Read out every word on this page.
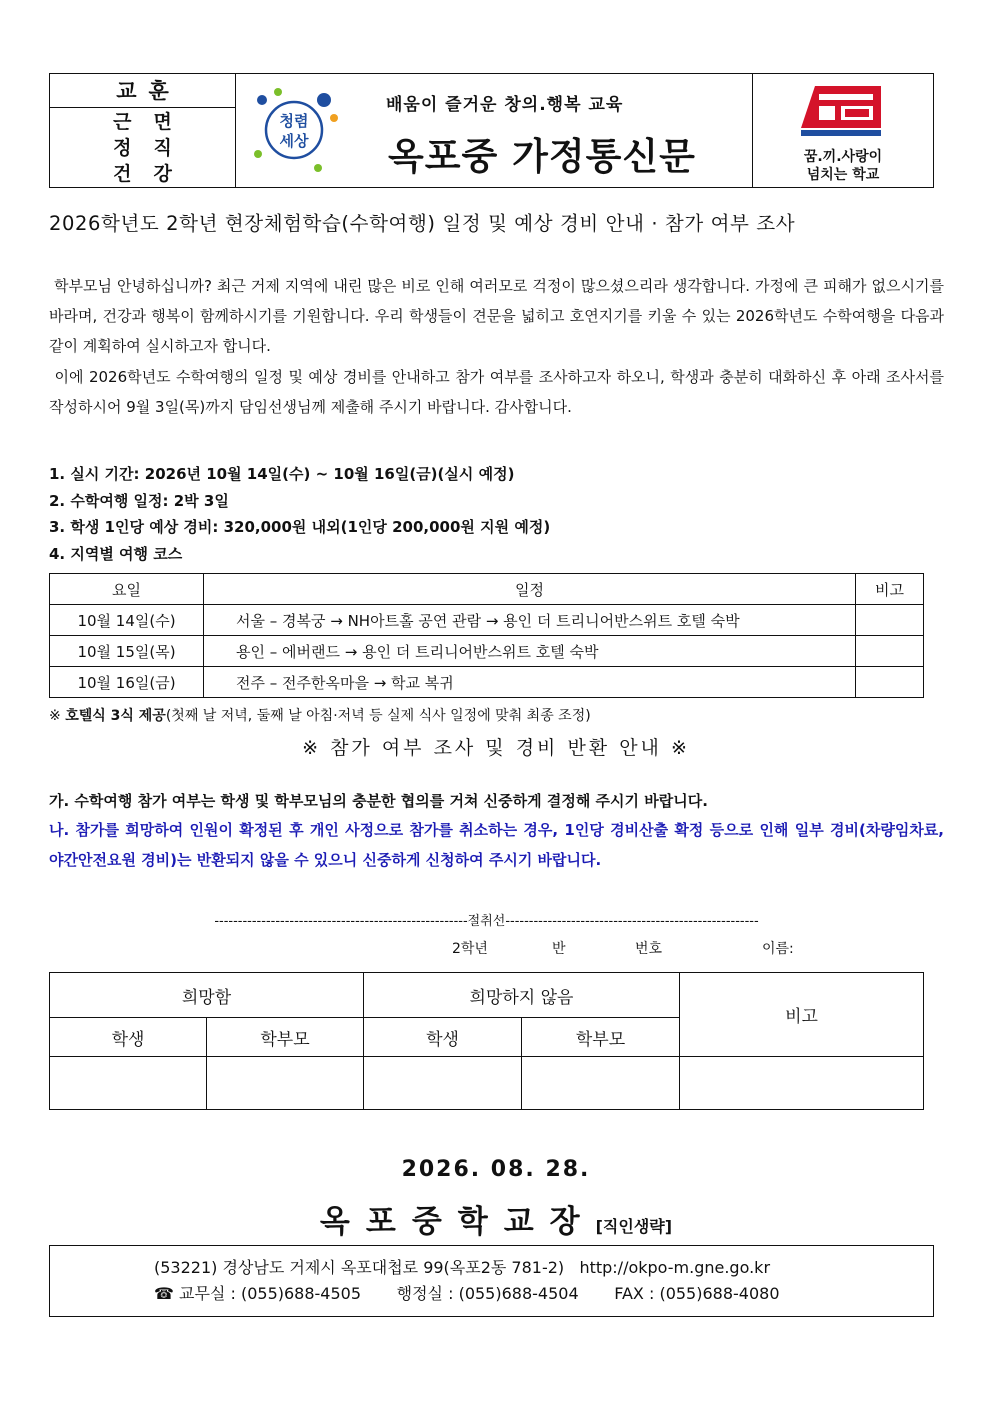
교훈
근면
정직
건강
청렴
세상
배움이 즐거운 창의.행복 교육
옥포중 가정통신문	꿈.끼.사랑이
넘치는 학교
2026학년도 2학년 현장체험학습(수학여행) 일정 및 예상 경비 안내 · 참가 여부 조사

학부모님 안녕하십니까? 최근 거제 지역에 내린 많은 비로 인해 여러모로 걱정이 많으셨으리라 생각합니다. 가정에 큰 피해가 없으시기를 바라며, 건강과 행복이 함께하시기를 기원합니다. 우리 학생들이 견문을 넓히고 호연지기를 키울 수 있는 2026학년도 수학여행을 다음과 같이 계획하여 실시하고자 합니다.

이에 2026학년도 수학여행의 일정 및 예상 경비를 안내하고 참가 여부를 조사하고자 하오니, 학생과 충분히 대화하신 후 아래 조사서를 작성하시어 9월 3일(목)까지 담임선생님께 제출해 주시기 바랍니다. 감사합니다.

1. 실시 기간: 2026년 10월 14일(수) ~ 10월 16일(금)(실시 예정)
2. 수학여행 일정: 2박 3일
3. 학생 1인당 예상 경비: 320,000원 내외(1인당 200,000원 지원 예정)
4. 지역별 여행 코스
요일	일정	비고
10월 14일(수)	서울 – 경복궁 → NH아트홀 공연 관람 → 용인 더 트리니어반스위트 호텔 숙박	
10월 15일(목)	용인 – 에버랜드 → 용인 더 트리니어반스위트 호텔 숙박	
10월 16일(금)	전주 – 전주한옥마을 → 학교 복귀	
※ 호텔식 3식 제공(첫째 날 저녁, 둘째 날 아침·저녁 등 실제 식사 일정에 맞춰 최종 조정)
※ 참가 여부 조사 및 경비 반환 안내 ※

가. 수학여행 참가 여부는 학생 및 학부모님의 충분한 협의를 거쳐 신중하게 결정해 주시기 바랍니다.

나. 참가를 희망하여 인원이 확정된 후 개인 사정으로 참가를 취소하는 경우, 1인당 경비산출 확정 등으로 인해 일부 경비(차량임차료, 야간안전요원 경비)는 반환되지 않을 수 있으니 신중하게 신청하여 주시기 바랍니다.

------------------------------------------------------절취선------------------------------------------------------
2학년	반	번호	이름:
희망함		희망하지 않음		비고
학생	학부모	학생	학부모	

2026. 08. 28.
옥포중학교장[직인생략]
(53221) 경상남도 거제시 옥포대첩로 99(옥포2동 781-2) http://okpo-m.gne.go.kr
☎ 교무실 : (055)688-4505 행정실 : (055)688-4504 FAX : (055)688-4080
